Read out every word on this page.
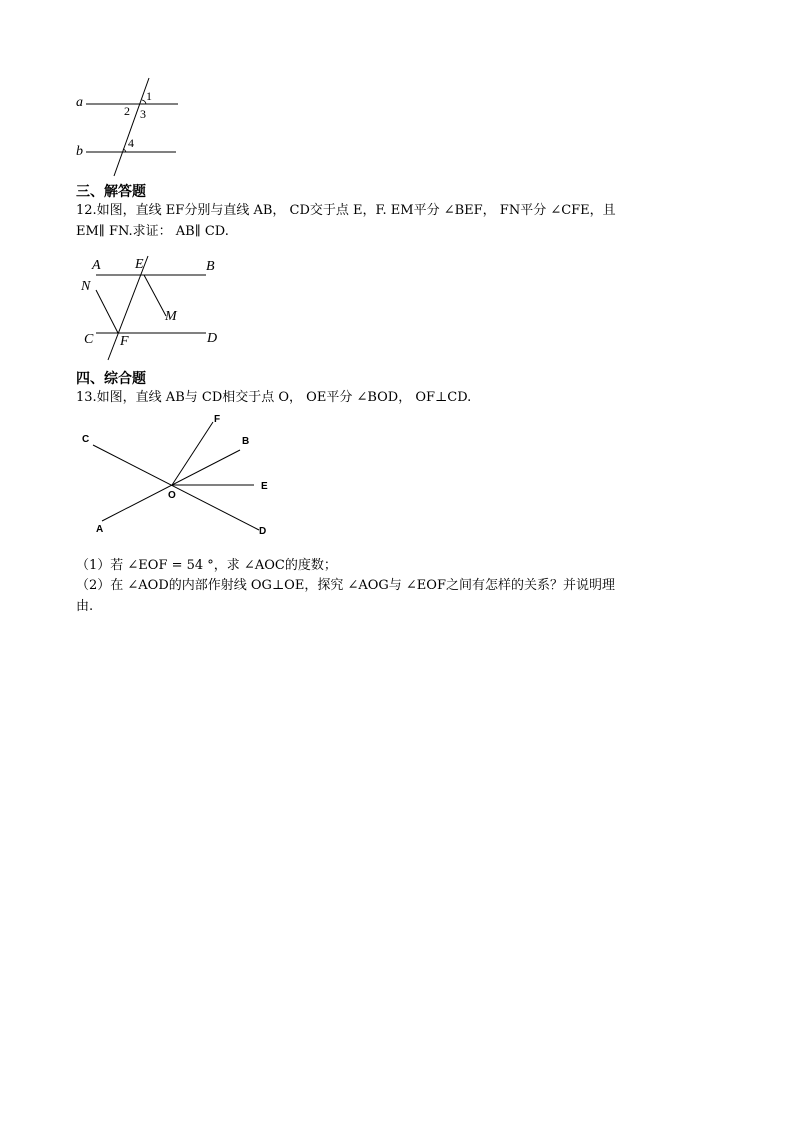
a
b
1
2 3
4
三、解答题
12.如图，直线 EF分别与直线 AB， CD交于点 E，F. EM平分 ∠BEF， FN平分 ∠CFE，且
EM∥ FN.求证： AB∥ CD.
A E	B
N
M
C F	D
四、综合题
13.如图，直线 AB与 CD相交于点 O， OE平分 ∠BOD， OF⊥CD.
C
F
B
E
O
A	D
（1）若 ∠EOF = 54 °，求 ∠AOC的度数；
（2）在 ∠AOD的内部作射线 OG⊥OE，探究 ∠AOG与 ∠EOF之间有怎样的关系？并说明理
由.
